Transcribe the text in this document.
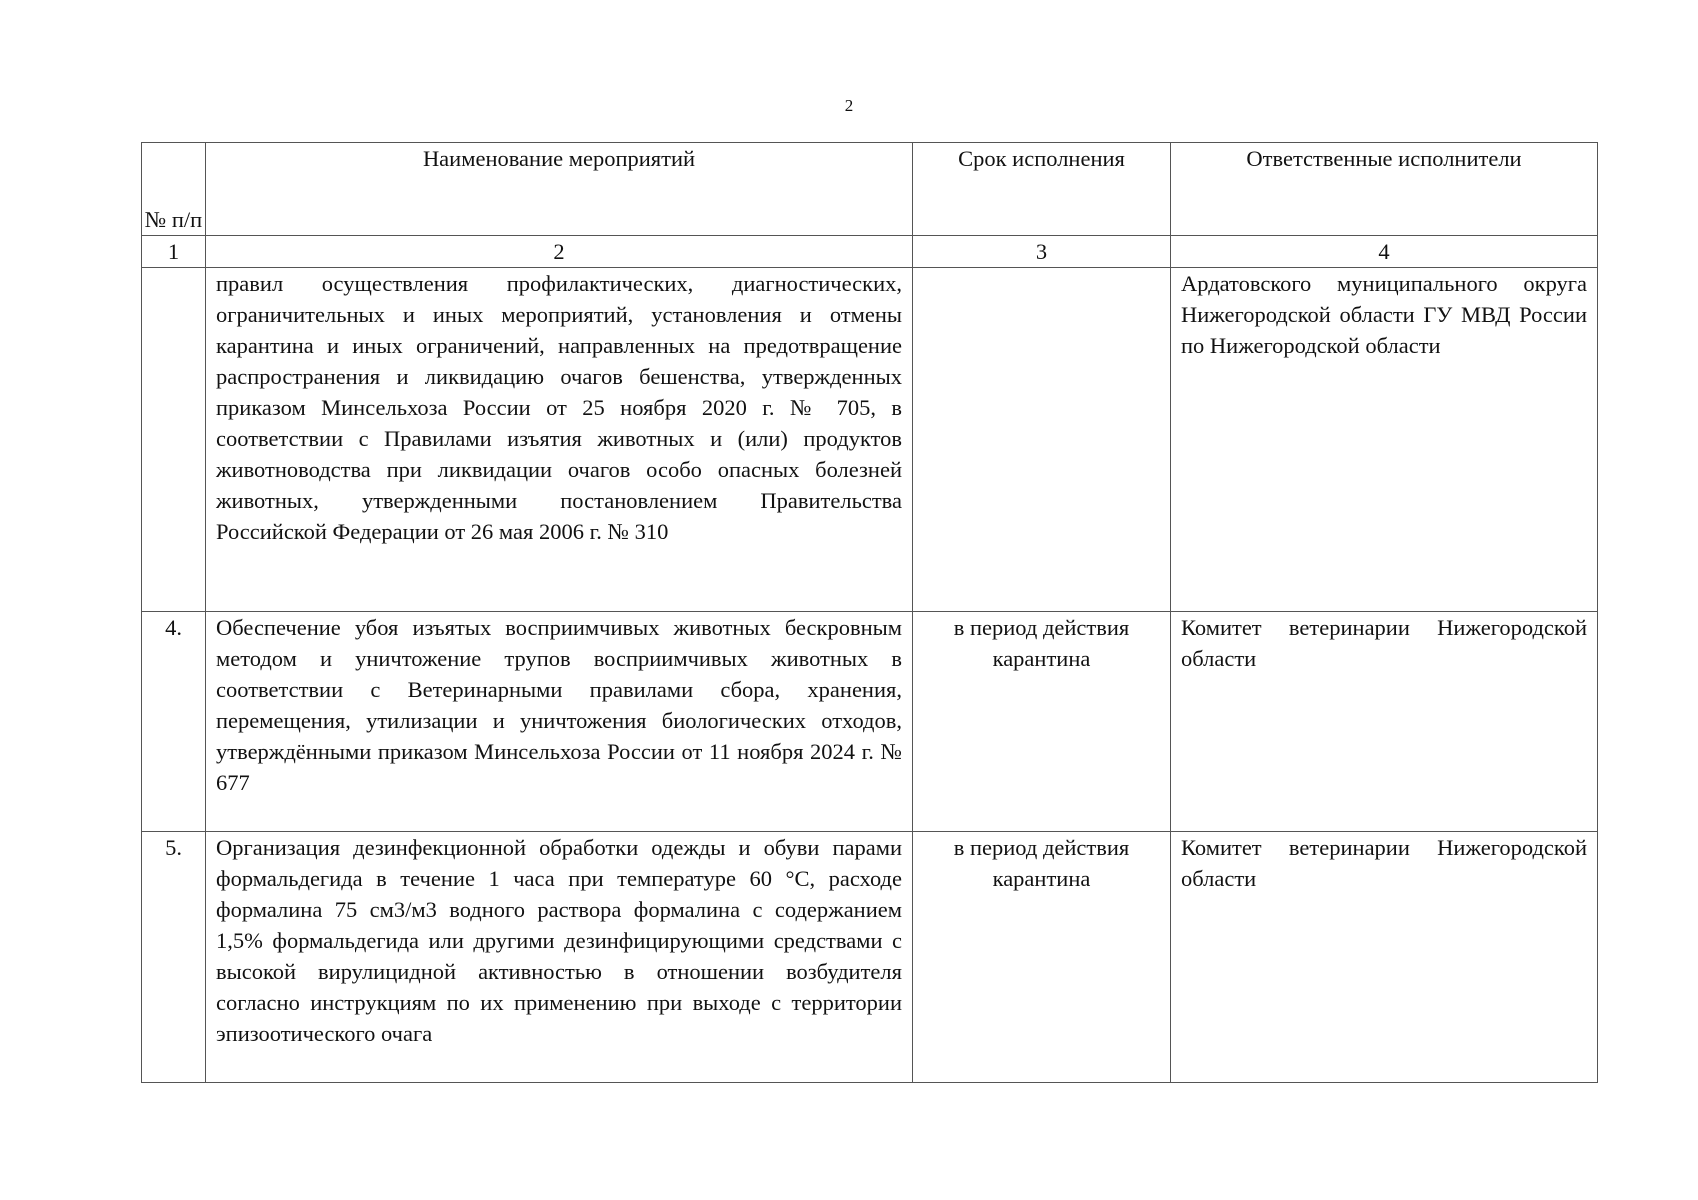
2
№ п/п	Наименование мероприятий	Срок исполнения	Ответственные исполнители
1	2	3	4
	правил осуществления профилактических, диагностических, ограничительных и иных мероприятий, установления и отмены карантина и иных ограничений, направленных на предотвращение распространения и ликвидацию очагов бешенства, утвержденных приказом Минсельхоза России от 25 ноября 2020 г. № 705, в соответствии с Правилами изъятия животных и (или) продуктов животноводства при ликвидации очагов особо опасных болезней животных, утвержденными постановлением Правительства Российской Федерации от 26 мая 2006 г. № 310		Ардатовского муниципального округа Нижегородской области ГУ МВД России по Нижегородской области
4.	Обеспечение убоя изъятых восприимчивых животных бескровным методом и уничтожение трупов восприимчивых животных в соответствии с Ветеринарными правилами сбора, хранения, перемещения, утилизации и уничтожения биологических отходов, утверждёнными приказом Минсельхоза России от 11 ноября 2024 г. № 677	в период действия карантина	Комитет ветеринарии Нижегородской области
5.	Организация дезинфекционной обработки одежды и обуви парами формальдегида в течение 1 часа при температуре 60 °С, расходе формалина 75 см3/м3 водного раствора формалина с содержанием 1,5% формальдегида или другими дезинфицирующими средствами с высокой вирулицидной активностью в отношении возбудителя согласно инструкциям по их применению при выходе с территории эпизоотического очага	в период действия карантина	Комитет ветеринарии Нижегородской области
